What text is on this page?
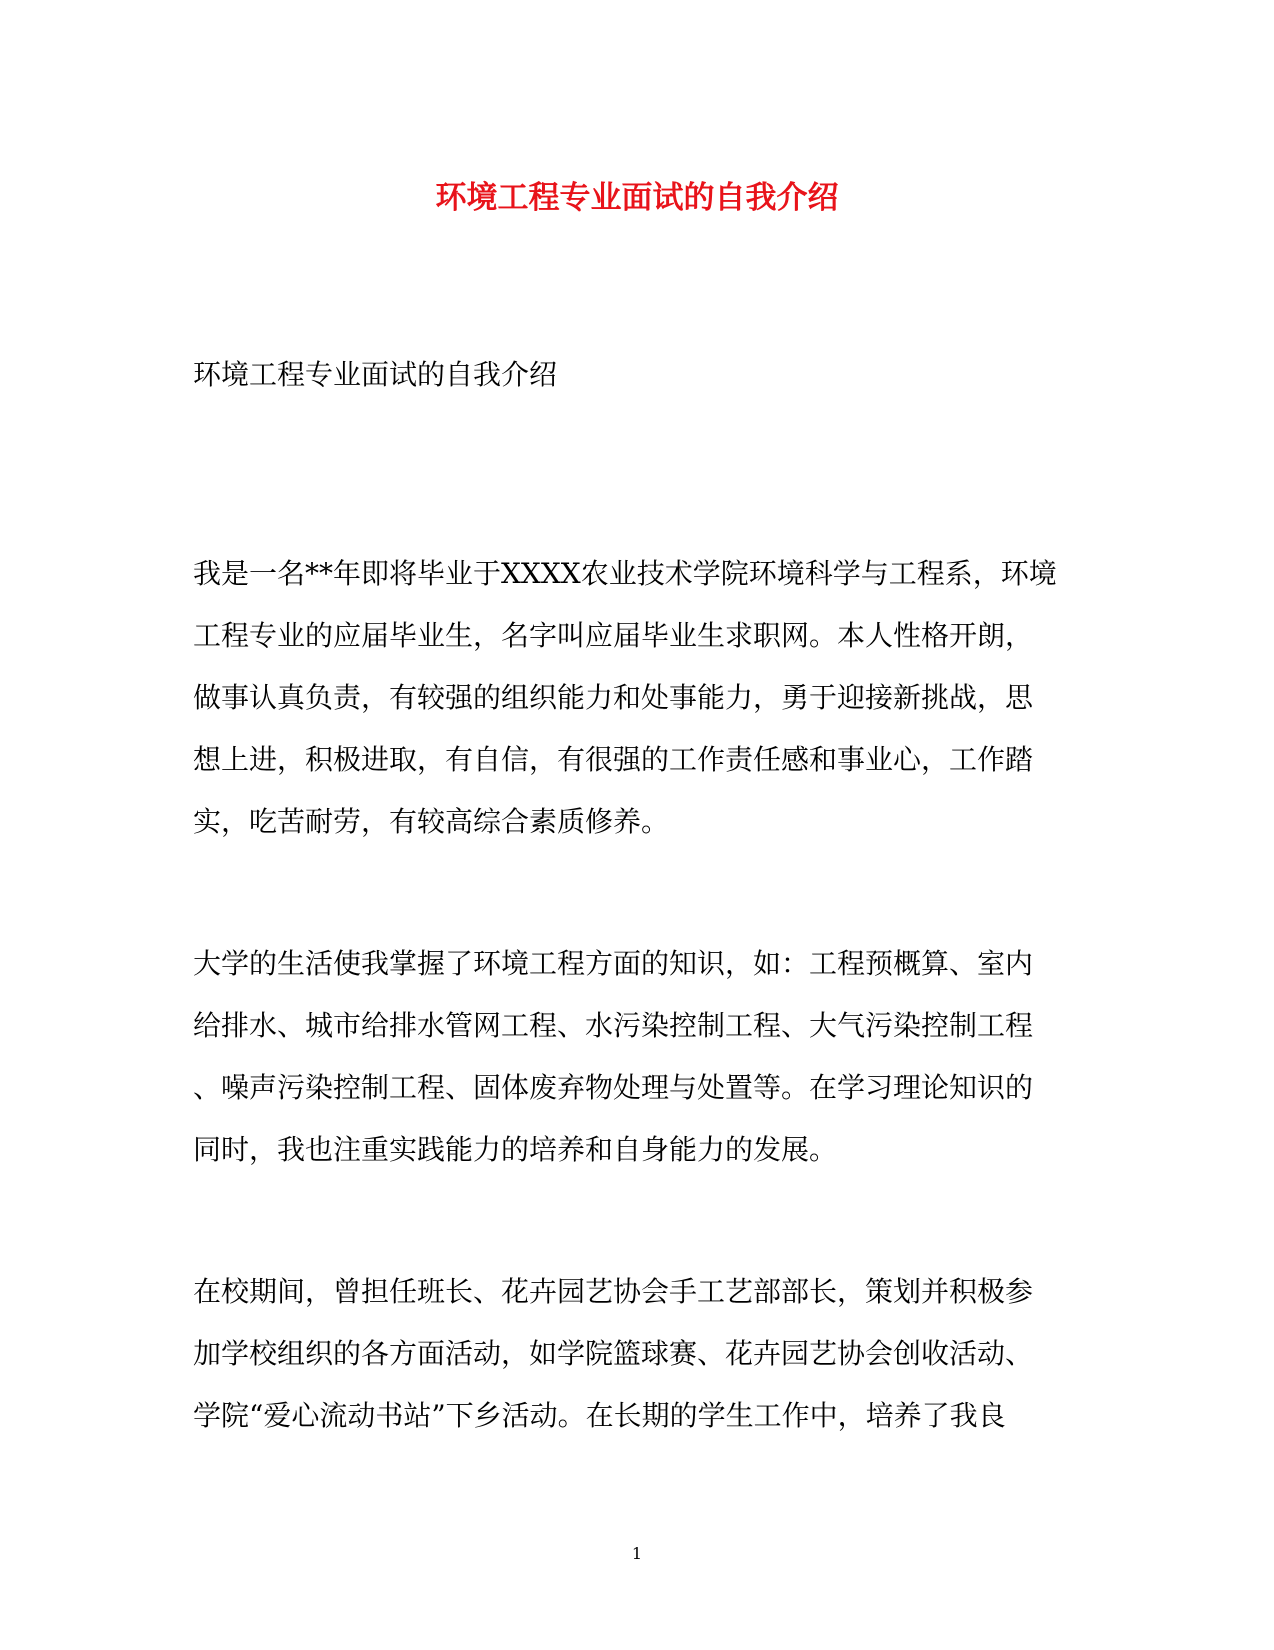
环境工程专业面试的自我介绍

环境工程专业面试的自我介绍

我是一名**年即将毕业于XXXX农业技术学院环境科学与工程系，环境
工程专业的应届毕业生，名字叫应届毕业生求职网。本人性格开朗，
做事认真负责，有较强的组织能力和处事能力，勇于迎接新挑战，思
想上进，积极进取，有自信，有很强的工作责任感和事业心，工作踏
实，吃苦耐劳，有较高综合素质修养。

大学的生活使我掌握了环境工程方面的知识，如：工程预概算、室内
给排水、城市给排水管网工程、水污染控制工程、大气污染控制工程
、噪声污染控制工程、固体废弃物处理与处置等。在学习理论知识的
同时，我也注重实践能力的培养和自身能力的发展。

在校期间，曾担任班长、花卉园艺协会手工艺部部长，策划并积极参
加学校组织的各方面活动，如学院篮球赛、花卉园艺协会创收活动、
学院“爱心流动书站”下乡活动。在长期的学生工作中，培养了我良

1
